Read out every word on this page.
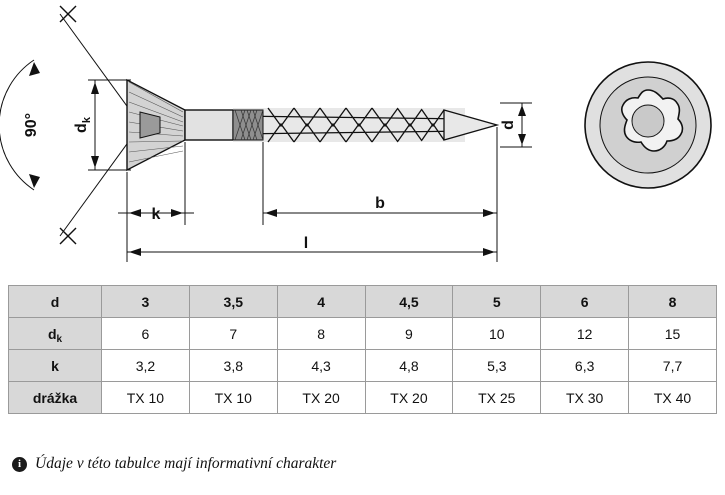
90° $d_k$	d
k
b
l
d	3	3,5	4	4,5	5	6	8
$d_k$	6	7	8	9	10	12	15
k	3,2	3,8	4,3	4,8	5,3	6,3	7,7
drážka	TX 10	TX 10	TX 20	TX 20	TX 25	TX 30	TX 40
i Údaje v této tabulce mají informativní charakter
